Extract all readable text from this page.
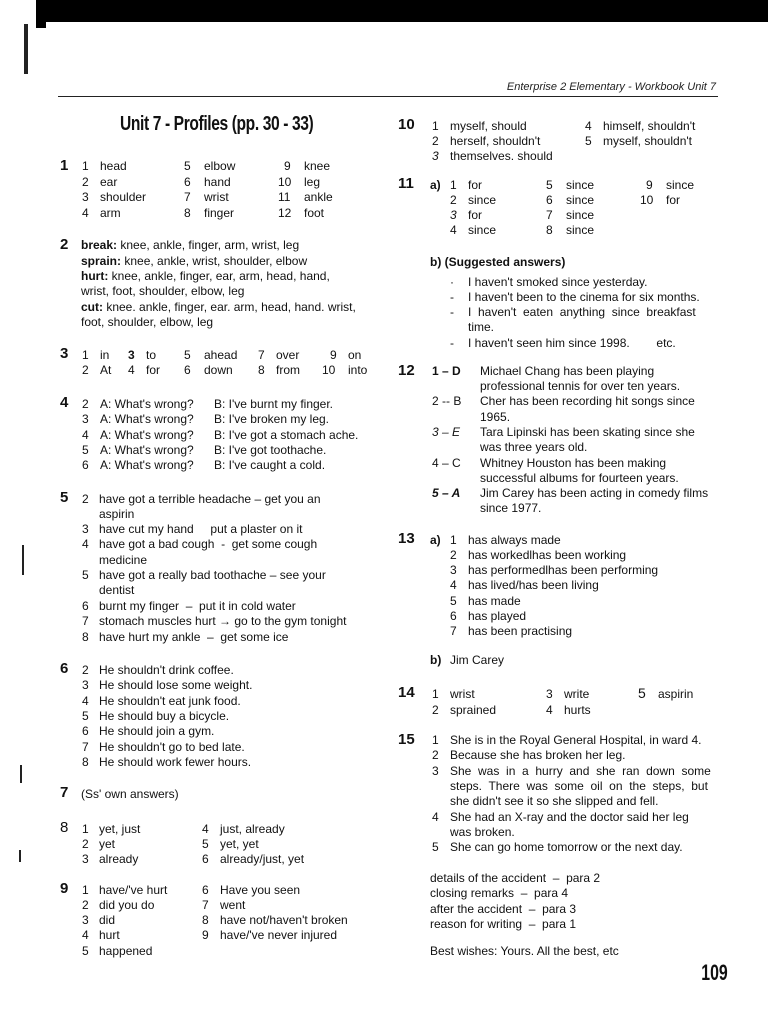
Enterprise 2 Elementary - Workbook Unit 7
Unit 7 - Profiles (pp. 30 - 33)
1 1 head	5 elbow	9 knee
2 ear	6 hand	10 leg
3 shoulder	7 wrist	11 ankle
4 arm	8 finger	12 foot
2 break: knee, ankle, finger, arm, wrist, leg
sprain: knee, ankle, wrist, shoulder, elbow
hurt: knee, ankle, finger, ear, arm, head, hand,
wrist, foot, shoulder, elbow, leg
cut: knee. ankle, finger, ear. arm, head, hand. wrist,
foot, shoulder, elbow, leg
3 1 in 3 to 5 ahead 7 over	9 on
2 At 4 for 6 down 8 from 10 into
4 2 A: What's wrong? B: I've burnt my finger.
3 A: What's wrong? B: I've broken my leg.
4 A: What's wrong? B: I've got a stomach ache.
5 A: What's wrong? B: I've got toothache.
6 A: What's wrong? B: I've caught a cold.
5 2 have got a terrible headache – get you an
aspirin
3 have cut my hand     put a plaster on it
4 have got a bad cough  -  get some cough
medicine
5 have got a really bad toothache – see your
dentist
6 burnt my finger  –  put it in cold water
7 stomach muscles hurt → go to the gym tonight
8 have hurt my ankle  –  get some ice
6 2 He shouldn't drink coffee.
3 He should lose some weight.
4 He shouldn't eat junk food.
5 He should buy a bicycle.
6 He should join a gym.
7 He shouldn't go to bed late.
8 He should work fewer hours.
7 (Ss' own answers)
8 1 yet, just	4 just, already
2 yet	5 yet, yet
3 already	6 already/just, yet
9 1 have/'ve hurt	6 Have you seen
2 did you do	7 went
3 did	8 have not/haven't broken
4 hurt	9 have/'ve never injured
5 happened
10 1 myself, should	4 himself, shouldn't
2 herself, shouldn't	5 myself, shouldn't
3 themselves. should
11 a) 1 for	5 since	9 since
2 since	6 since	10 for
3 for	7 since
4 since	8 since
b) (Suggested answers)
· I haven't smoked since yesterday.
- I haven't been to the cinema for six months.
- I  haven't  eaten  anything  since  breakfast
time.
- I haven't seen him since 1998.        etc.
12 1 – D Michael Chang has been playing
professional tennis for over ten years.
2 -- B Cher has been recording hit songs since
1965.
3 – E Tara Lipinski has been skating since she
was three years old.
4 – C Whitney Houston has been making
successful albums for fourteen years.
5 – A Jim Carey has been acting in comedy films
since 1977.
13 a) 1 has always made
2 has workedlhas been working
3 has performedlhas been performing
4 has lived/has been living
5 has made
6 has played
7 has been practising
b) Jim Carey
14 1 wrist	3 write	5 aspirin
2 sprained	4 hurts
15 1 She is in the Royal General Hospital, in ward 4.
2 Because she has broken her leg.
3 She  was  in  a  hurry  and  she  ran  down  some
steps.  There  was  some  oil  on  the  steps,  but
she didn't see it so she slipped and fell.
4 She had an X-ray and the doctor said her leg
was broken.
5 She can go home tomorrow or the next day.
details of the accident  –  para 2
closing remarks  –  para 4
after the accident  –  para 3
reason for writing  –  para 1
Best wishes: Yours. All the best, etc
109
